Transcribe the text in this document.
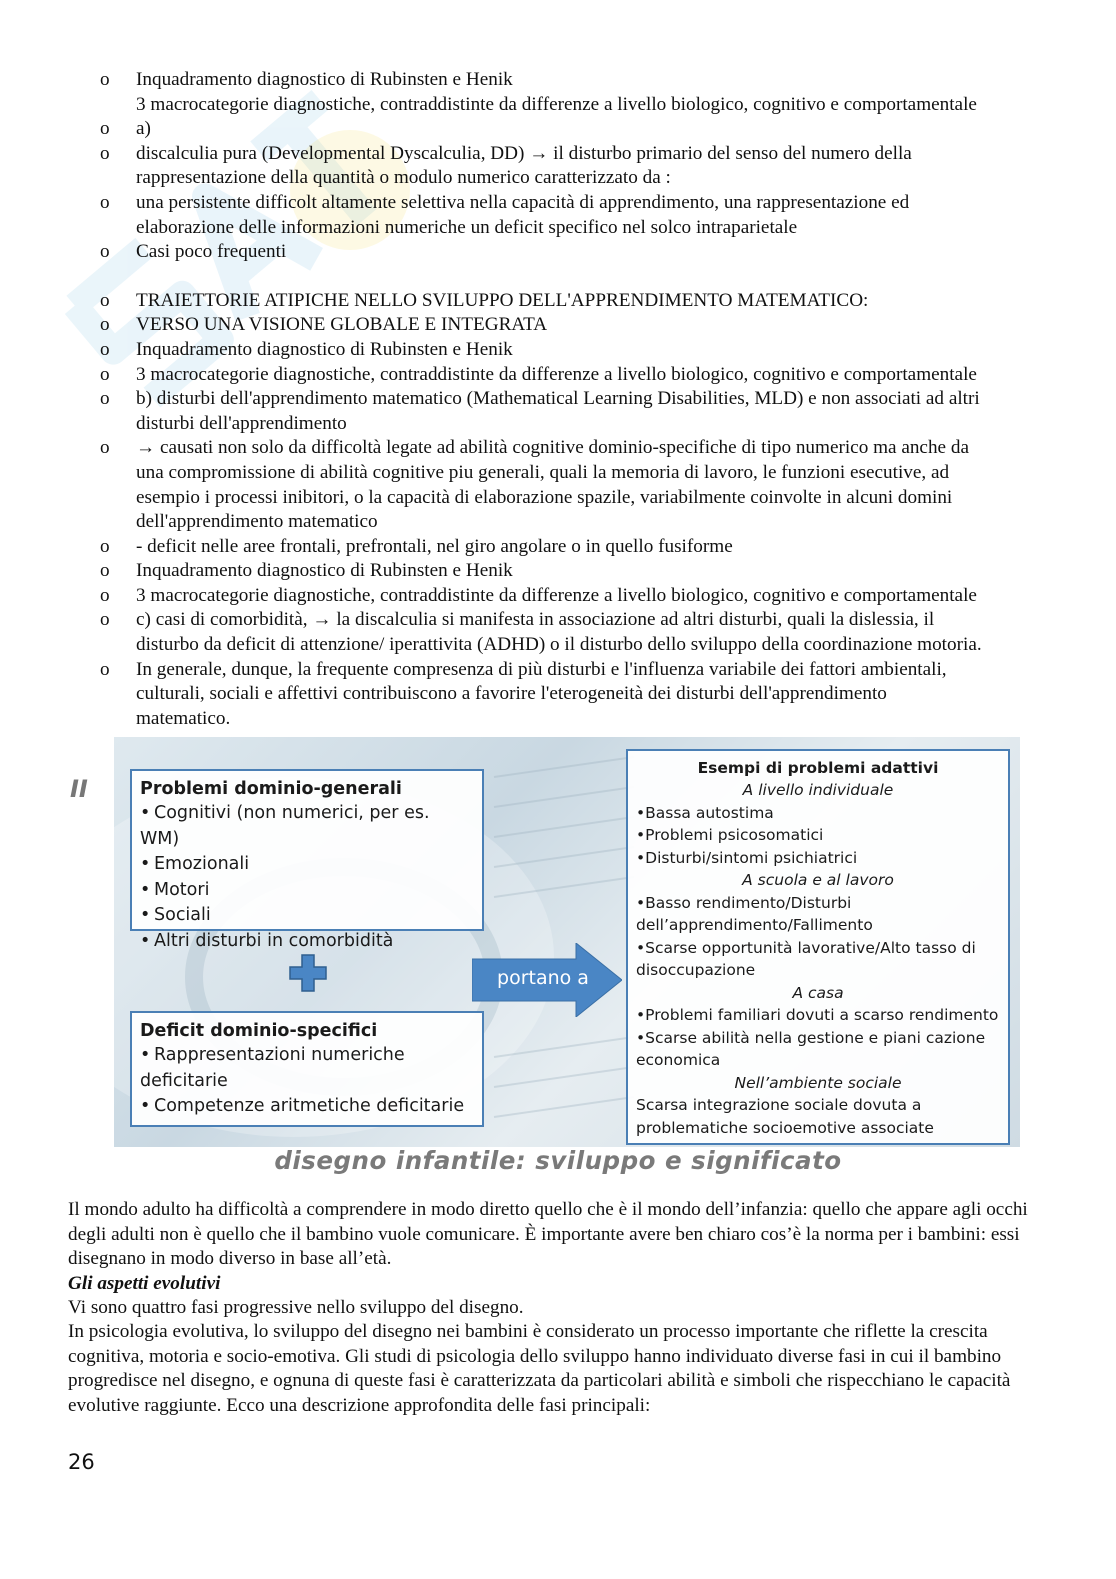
o Inquadramento diagnostico di Rubinsten e Henik
3 macrocategorie diagnostiche, contraddistinte da differenze a livello biologico, cognitivo e comportamentale
o a)
o discalculia pura (Developmental Dyscalculia, DD) → il disturbo primario del senso del numero della
rappresentazione della quantità o modulo numerico caratterizzato da :
o una persistente difficolt altamente selettiva nella capacità di apprendimento, una rappresentazione ed
elaborazione delle informazioni numeriche un deficit specifico nel solco intraparietale
o Casi poco frequenti
o TRAIETTORIE ATIPICHE NELLO SVILUPPO DELL'APPRENDIMENTO MATEMATICO:
o VERSO UNA VISIONE GLOBALE E INTEGRATA
o Inquadramento diagnostico di Rubinsten e Henik
o 3 macrocategorie diagnostiche, contraddistinte da differenze a livello biologico, cognitivo e comportamentale
o b) disturbi dell'apprendimento matematico (Mathematical Learning Disabilities, MLD) e non associati ad altri
disturbi dell'apprendimento
o → causati non solo da difficoltà legate ad abilità cognitive dominio-specifiche di tipo numerico ma anche da
una compromissione di abilità cognitive piu generali, quali la memoria di lavoro, le funzioni esecutive, ad
esempio i processi inibitori, o la capacità di elaborazione spazile, variabilmente coinvolte in alcuni domini
dell'apprendimento matematico
o - deficit nelle aree frontali, prefrontali, nel giro angolare o in quello fusiforme
o Inquadramento diagnostico di Rubinsten e Henik
o 3 macrocategorie diagnostiche, contraddistinte da differenze a livello biologico, cognitivo e comportamentale
o c) casi di comorbidità, → la discalculia si manifesta in associazione ad altri disturbi, quali la dislessia, il
disturbo da deficit di attenzione/ iperattivita (ADHD) o il disturbo dello sviluppo della coordinazione motoria.
o In generale, dunque, la frequente compresenza di più disturbi e l'influenza variabile dei fattori ambientali,
culturali, sociali e affettivi contribuiscono a favorire l'eterogeneità dei disturbi dell'apprendimento
matematico.
II	Problemi dominio-generali
• Cognitivi (non numerici, per es. WM)
• Emozionali
• Motori
• Sociali
• Altri disturbi in comorbidità
portano a
Deficit dominio-specifici
• Rappresentazioni numeriche
deficitarie
• Competenze aritmetiche deficitarie
Esempi di problemi adattivi
A livello individuale
•Bassa autostima
•Problemi psicosomatici
•Disturbi/sintomi psichiatrici
A scuola e al lavoro
•Basso rendimento/Disturbi
dell’apprendimento/Fallimento
•Scarse opportunità lavorative/Alto tasso di
disoccupazione
A casa
•Problemi familiari dovuti a scarso rendimento
•Scarse abilità nella gestione e piani cazione
economica
Nell’ambiente sociale
Scarsa integrazione sociale dovuta a
problematiche socioemotive associate
disegno infantile: sviluppo e significato

Il mondo adulto ha difficoltà a comprendere in modo diretto quello che è il mondo dell’infanzia: quello che appare agli occhi degli adulti non è quello che il bambino vuole comunicare. È importante avere ben chiaro cos’è la norma per i bambini: essi disegnano in modo diverso in base all’età.

Gli aspetti evolutivi

Vi sono quattro fasi progressive nello sviluppo del disegno.

In psicologia evolutiva, lo sviluppo del disegno nei bambini è considerato un processo importante che riflette la crescita cognitiva, motoria e socio-emotiva. Gli studi di psicologia dello sviluppo hanno individuato diverse fasi in cui il bambino progredisce nel disegno, e ognuna di queste fasi è caratterizzata da particolari abilità e simboli che rispecchiano le capacità evolutive raggiunte. Ecco una descrizione approfondita delle fasi principali:

26
